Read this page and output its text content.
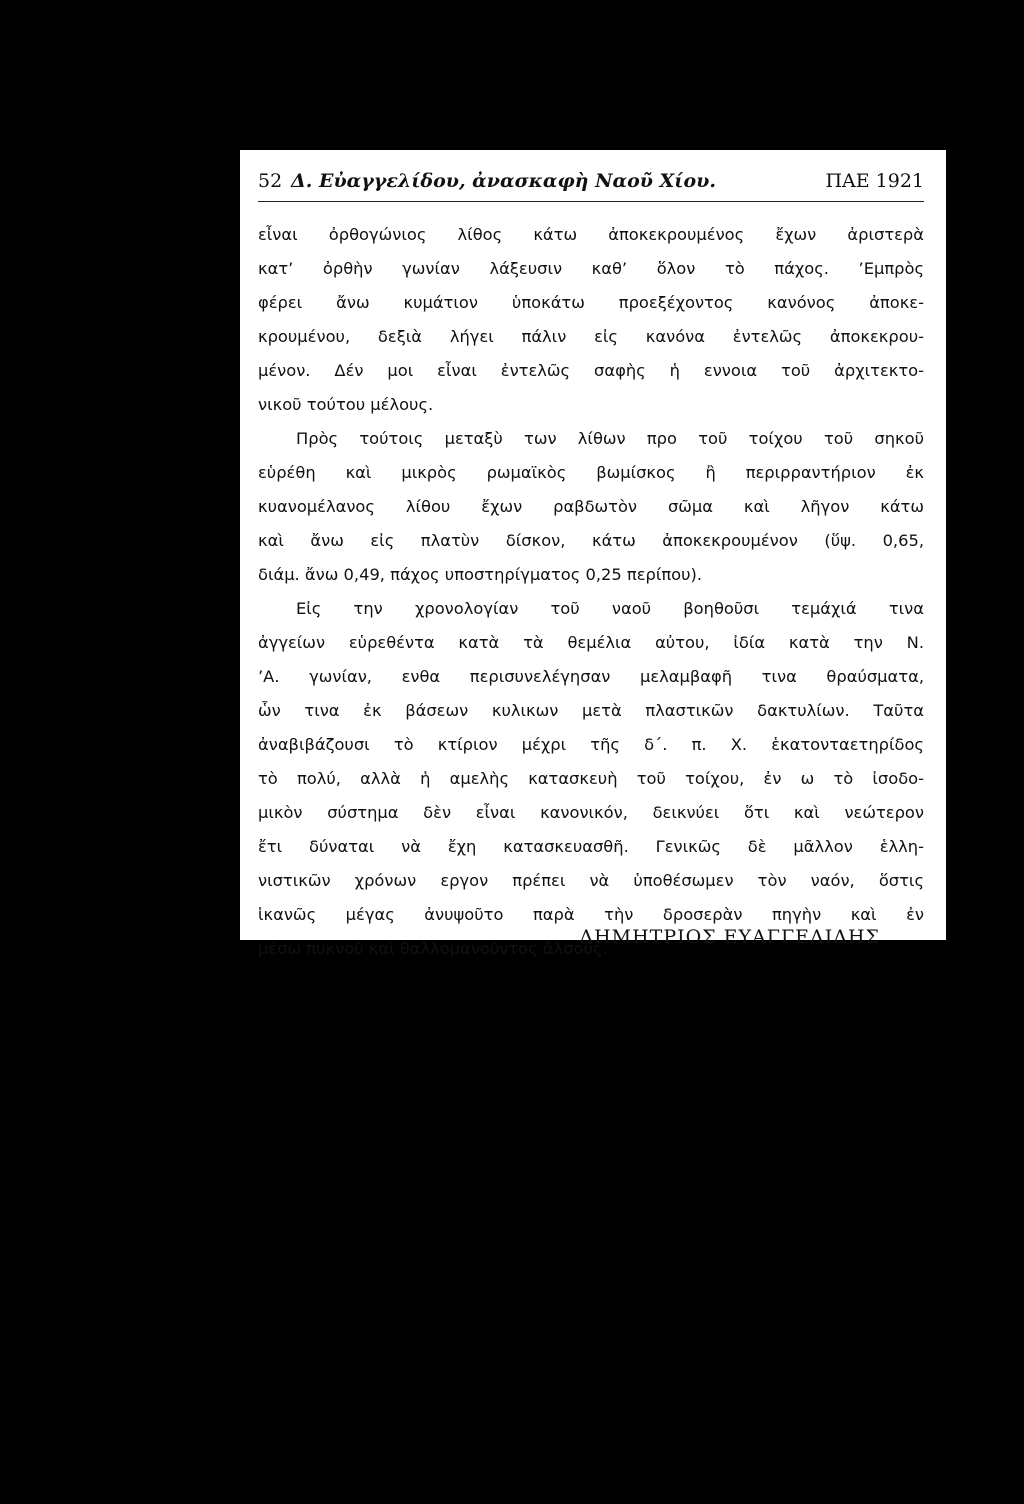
52 Δ. Εὐαγγελίδου, ἀνασκαφὴ Ναοῦ Χίου.	ΠΑΕ 1921
εἶναι ὀρθογώνιος λίθος κάτω ἀποκεκρουμένος ἔχων ἀριστερὰ
κατ’ ὀρθὴν γωνίαν λάξευσιν καθ’ ὅλον τὸ πάχος. ’Εμπρὸς
φέρει ἄνω κυμάτιον ὑποκάτω προεξέχοντος κανόνος ἀποκε-
κρουμένου, δεξιὰ λήγει πάλιν εἰς κανόνα ἐντελῶς ἀποκεκρου-
μένον. Δέν μοι εἶναι ἐντελῶς σαφὴς ἡ εννοια τοῦ ἀρχιτεκτο-
νικοῦ τούτου μέλους.
Πρὸς τούτοις μεταξὺ των λίθων προ τοῦ τοίχου τοῦ σηκοῦ
εὑρέθη καὶ μικρὸς ρωμαϊκὸς βωμίσκος ἢ περιρραντήριον ἐκ
κυανομέλανος λίθου ἔχων ραβδωτὸν σῶμα καὶ λῆγον κάτω
καὶ ἄνω εἰς πλατὺν δίσκον, κάτω ἀποκεκρουμένον (ὕψ. 0,65,
διάμ. ἄνω 0,49, πάχος υποστηρίγματος 0,25 περίπου).
Εἰς την χρονολογίαν τοῦ ναοῦ βοηθοῦσι τεμάχιά τινα
ἀγγείων εὑρεθέντα κατὰ τὰ θεμέλια αὐτου, ἰδία κατὰ την Ν.
’Α. γωνίαν, ενθα περισυνελέγησαν μελαμβαφῆ τινα θραύσματα,
ὧν τινα ἐκ βάσεων κυλικων μετὰ πλαστικῶν δακτυλίων. Ταῦτα
ἀναβιβάζουσι τὸ κτίριον μέχρι τῆς δ΄. π. Χ. ἑκατονταετηρίδος
τὸ πολύ, αλλὰ ἡ αμελὴς κατασκευὴ τοῦ τοίχου, ἐν ω τὸ ἰσοδο-
μικὸν σύστημα δὲν εἶναι κανονικόν, δεικνύει ὅτι καὶ νεώτερον
ἔτι δύναται νὰ ἔχη κατασκευασθῆ. Γενικῶς δὲ μᾶλλον ἑλλη-
νιστικῶν χρόνων εργον πρέπει νὰ ὑποθέσωμεν τὸν ναόν, ὅστις
ἱκανῶς μέγας ἀνυψοῦτο παρὰ τὴν δροσερὰν πηγὴν καὶ ἐν
μέσω πυκνοῦ καὶ θαλλομανοῦντος ἄλσους.
ΔΗΜΗΤΡΙΟΣ ΕΥΑΓΓΕΛΙΔΗΣ
